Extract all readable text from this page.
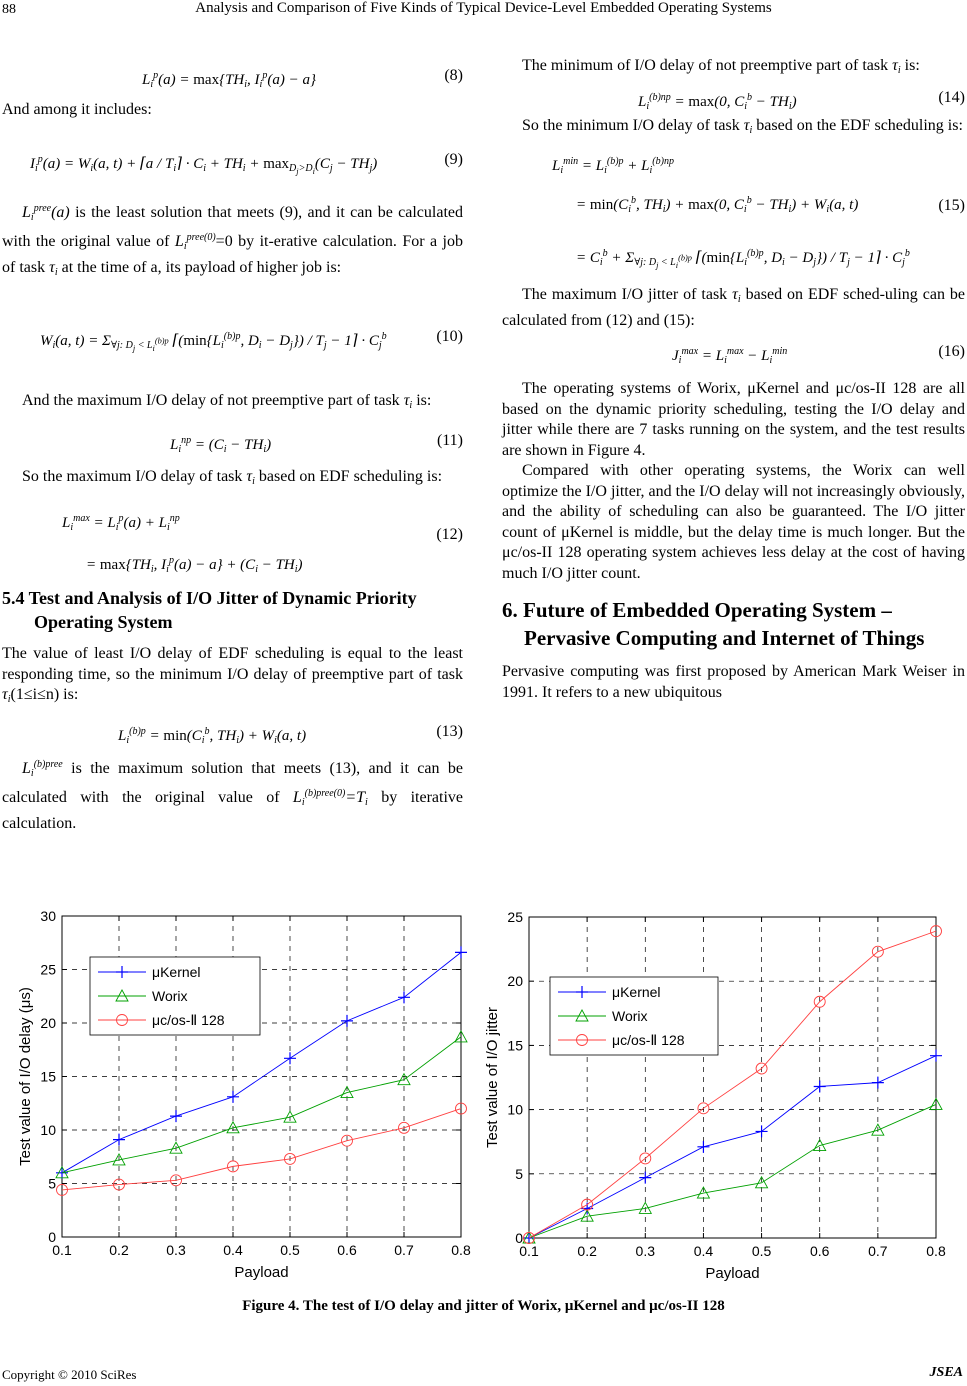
88	Analysis and Comparison of Five Kinds of Typical Device-Level Embedded Operating Systems
$L_i^p(a) = \max\{TH_i$, $I_i^p(a) - a$}	(8)

And among it includes:

$I_i^p(a) = W_i(a$, t) + ⌈a / $T_i⌉ \cdot C_i + TH_i + \max_{D_j>D_i}(C_j - TH_j)$	(9)

$L_i^{pree}(a)$ is the least solution that meets (9), and it can be calculated with the original value of $L_i^{pree(0)}=0$ by it-erative calculation. For a job of task $\tau_i$ at the time of a, its payload of higher job is:

$W_i(a$, $t) = \Sigma_{\forall j: D_j < L_i^{(b)p}}$ $⌈(\min\{L_i^{(b)p}$, $D_i - D_j\}) / T_j$ − 1⌉ · $C_j^b$	(10)

And the maximum I/O delay of not preemptive part of task $\tau_i$ is:

$L_i^{np} = (C_i - TH_i)$	(11)

So the maximum I/O delay of task $\tau_i$ based on EDF scheduling is:

$L_i^{max} = L_i^p(a) + L_i^{np}$
= $\max\{TH_i$, $I_i^p(a) - a\} + (C_i - TH_i)$
(12)

5.4 Test and Analysis of I/O Jitter of Dynamic Priority Operating System

The value of least I/O delay of EDF scheduling is equal to the least responding time, so the minimum I/O delay of preemptive part of task $\tau_i(1\le i\le n)$ is:

$L_i^{(b)p} = \min(C_i^b$, $TH_i) + W_i(a$, t)	(13)

$L_i^{(b)pree}$ is the maximum solution that meets (13), and it can be calculated with the original value of $L_i^{(b)pree(0)}=T_i$ by iterative calculation.

The minimum of I/O delay of not preemptive part of task $\tau_i$ is:

$L_i^{(b)np} = \max(0$, $C_i^b - TH_i$)	(14)

So the minimum I/O delay of task $\tau_i$ based on the EDF scheduling is:

$L_i^{min} = L_i^{(b)p} + L_i^{(b)np}$
= $\min(C_i^b$, $TH_i) + \max(0$, $C_i^b - TH_i) + W_i(a$, t)
= $C_i^b + \Sigma_{\forall j: D_j < L_i^{(b)p}}$ $⌈(\min\{L_i^{(b)p}$, $D_i - D_j\}) / T_j$ − 1⌉ · $C_j^b$
(15)

The maximum I/O jitter of task $\tau_i$ based on EDF sched-uling can be calculated from (12) and (15):

$J_i^{max} = L_i^{max} - L_i^{min}$	(16)

The operating systems of Worix, μKernel and μc/os-II 128 are all based on the dynamic priority scheduling, testing the I/O delay and jitter while there are 7 tasks running on the system, and the test results are shown in Figure 4.

Compared with other operating systems, the Worix can well optimize the I/O jitter, and the I/O delay will not increasingly obviously, and the ability of scheduling can also be guaranteed. The I/O jitter count of μKernel is middle, but the delay time is much longer. But the μc/os-II 128 operating system achieves less delay at the cost of having much I/O jitter count.

6. Future of Embedded Operating System – Pervasive Computing and Internet of Things

Pervasive computing was first proposed by American Mark Weiser in 1991. It refers to a new ubiquitous

0.1	0.2	0.3	0.4	0.5	0.6	0.7	0.8
0
5
10
15
20
25
30
Payload
Test value of I/O delay (μs)
μKernel
Worix
μc/os-Ⅱ 128
0.1	0.2	0.3	0.4	0.5	0.6	0.7	0.8
0
5
10
15
20
25
Payload
Test value of I/O jitter
μKernel
Worix
μc/os-Ⅱ 128
Figure 4. The test of I/O delay and jitter of Worix, μKernel and μc/os-II 128
Copyright © 2010 SciRes	JSEA
